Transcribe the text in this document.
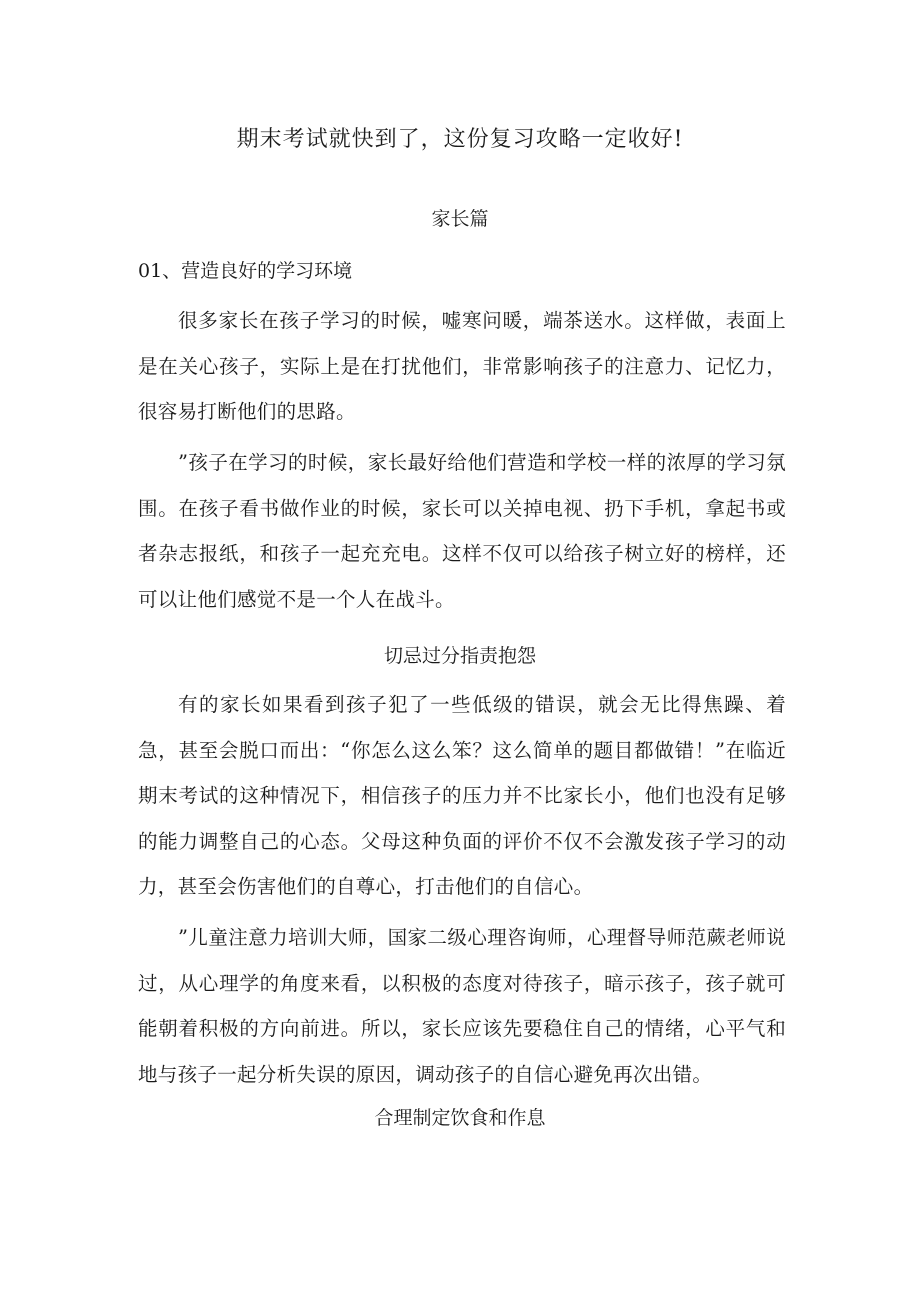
期末考试就快到了，这份复习攻略一定收好!
家长篇
01、营造良好的学习环境

很多家长在孩子学习的时候，嘘寒问暖，端茶送水。这样做，表面上是在关心孩子，实际上是在打扰他们，非常影响孩子的注意力、记忆力，很容易打断他们的思路。

”孩子在学习的时候，家长最好给他们营造和学校一样的浓厚的学习氛围。在孩子看书做作业的时候，家长可以关掉电视、扔下手机，拿起书或者杂志报纸，和孩子一起充充电。这样不仅可以给孩子树立好的榜样，还可以让他们感觉不是一个人在战斗。

切忌过分指责抱怨

有的家长如果看到孩子犯了一些低级的错误，就会无比得焦躁、着急，甚至会脱口而出：“你怎么这么笨？这么简单的题目都做错！”在临近期末考试的这种情况下，相信孩子的压力并不比家长小，他们也没有足够的能力调整自己的心态。父母这种负面的评价不仅不会激发孩子学习的动力，甚至会伤害他们的自尊心，打击他们的自信心。

”儿童注意力培训大师，国家二级心理咨询师，心理督导师范蕨老师说过，从心理学的角度来看，以积极的态度对待孩子，暗示孩子，孩子就可能朝着积极的方向前进。所以，家长应该先要稳住自己的情绪，心平气和地与孩子一起分析失误的原因，调动孩子的自信心避免再次出错。

合理制定饮食和作息
